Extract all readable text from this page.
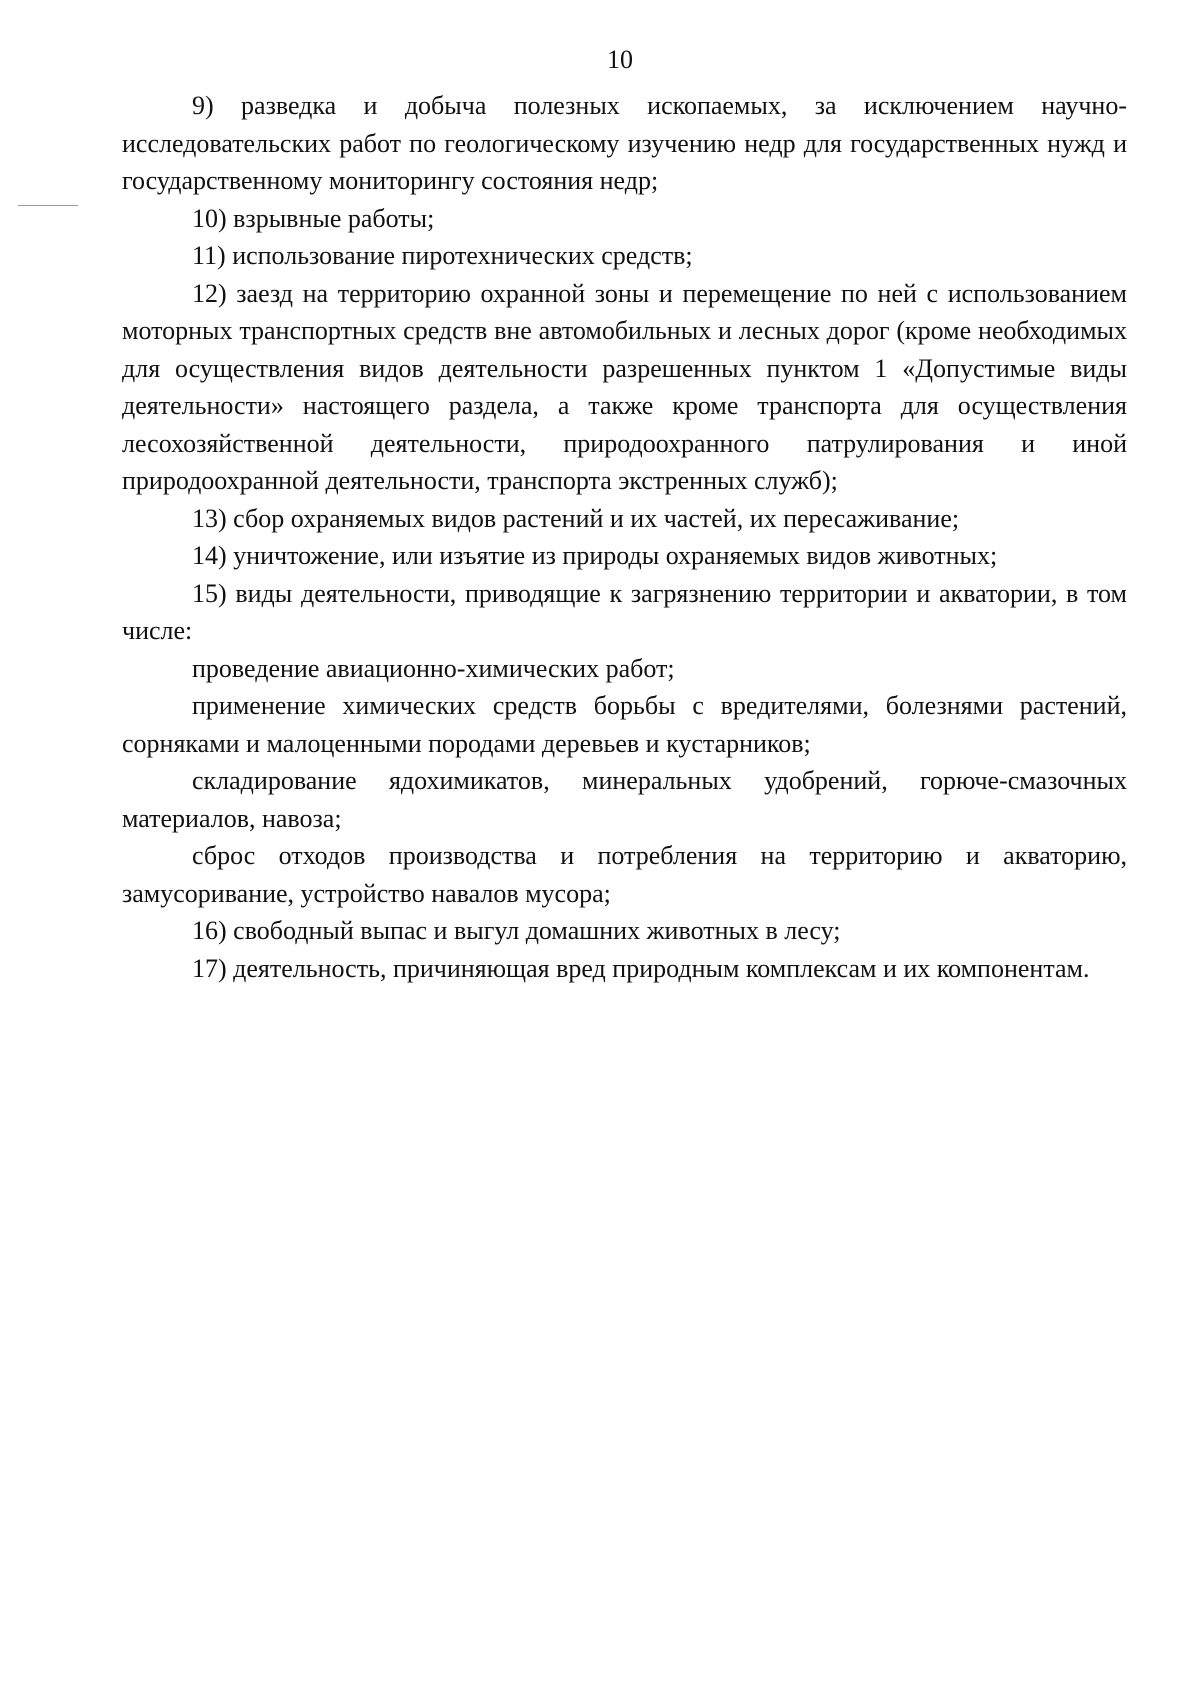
10

9) разведка и добыча полезных ископаемых, за исключением научно-исследовательских работ по геологическому изучению недр для государственных нужд и государственному мониторингу состояния недр;

10) взрывные работы;

11) использование пиротехнических средств;

12) заезд на территорию охранной зоны и перемещение по ней с использованием моторных транспортных средств вне автомобильных и лесных дорог (кроме необходимых для осуществления видов деятельности разрешенных пунктом 1 «Допустимые виды деятельности» настоящего раздела, а также кроме транспорта для осуществления лесохозяйственной деятельности, природоохранного патрулирования и иной природоохранной деятельности, транспорта экстренных служб);

13) сбор охраняемых видов растений и их частей, их пересаживание;

14) уничтожение, или изъятие из природы охраняемых видов животных;

15) виды деятельности, приводящие к загрязнению территории и акватории, в том числе:

проведение авиационно-химических работ;

применение химических средств борьбы с вредителями, болезнями растений, сорняками и малоценными породами деревьев и кустарников;

складирование ядохимикатов, минеральных удобрений, горюче-смазочных материалов, навоза;

сброс отходов производства и потребления на территорию и акваторию, замусоривание, устройство навалов мусора;

16) свободный выпас и выгул домашних животных в лесу;

17) деятельность, причиняющая вред природным комплексам и их компонентам.
